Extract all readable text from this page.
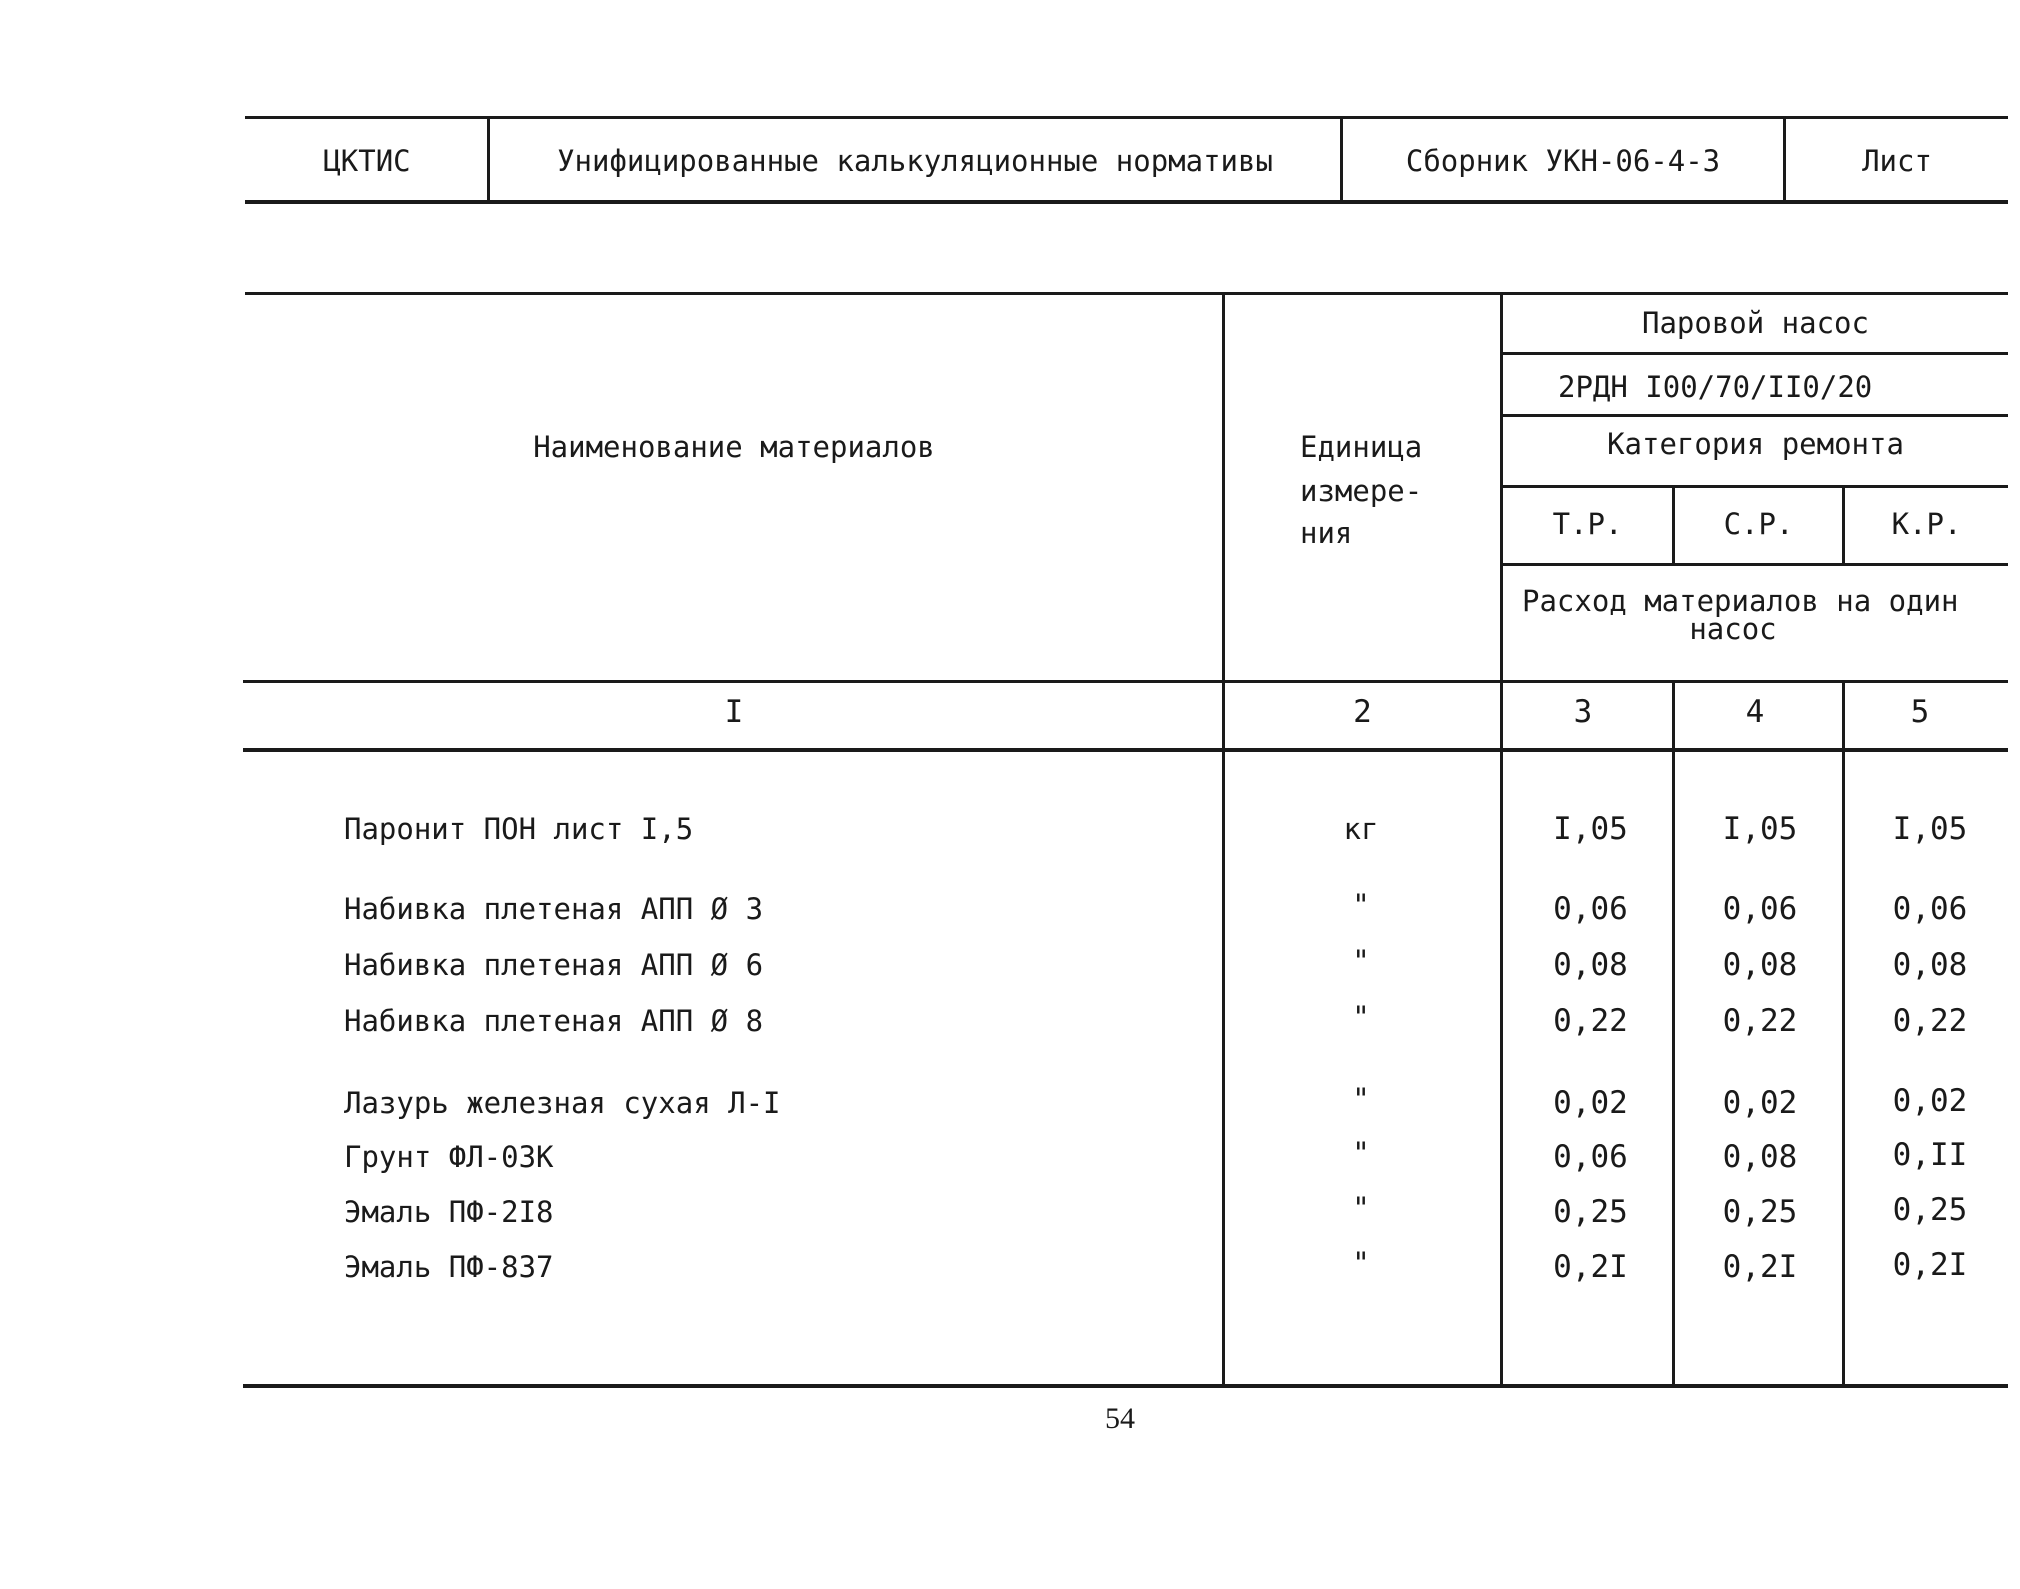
ЦКТИС	Унифицированные калькуляционные нормативы	Сборник УКН-06-4-3	Лист
Наименование материалов	Единица
измере-
ния
Паровой насос
2РДН I00/70/II0/20
Категория ремонта
Т.Р.	С.Р.	К.Р.
Расход материалов на один
насос
I	2	3	4	5
Паронит ПОН лист I,5	кг	I,05	I,05	I,05
Набивка плетеная АПП Ø 3	"	0,06	0,06	0,06
Набивка плетеная АПП Ø 6	"	0,08	0,08	0,08
Набивка плетеная АПП Ø 8	"	0,22	0,22	0,22
Лазурь железная сухая Л-I	"	0,02	0,02	0,02
Грунт ФЛ-03К	"	0,06	0,08	0,II
Эмаль ПФ-2I8	"	0,25	0,25	0,25
Эмаль ПФ-837	"	0,2I	0,2I	0,2I
54
